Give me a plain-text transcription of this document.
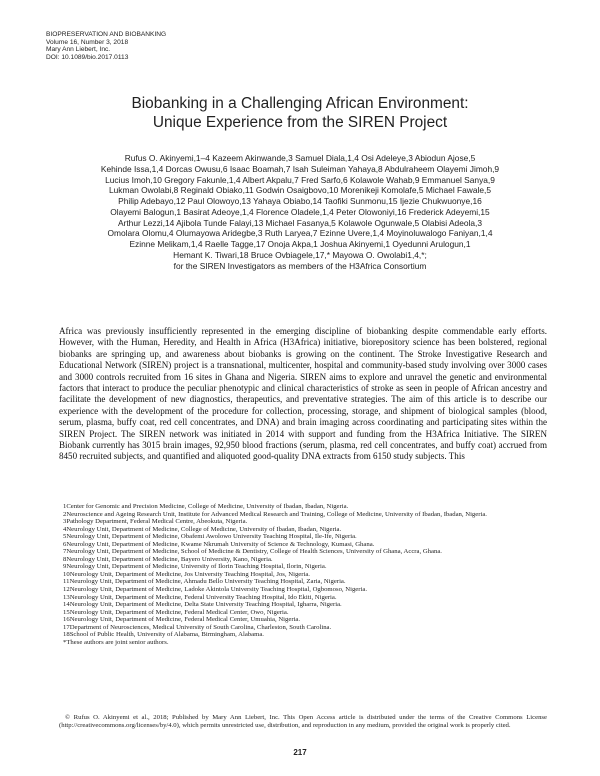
BIOPRESERVATION AND BIOBANKING
Volume 16, Number 3, 2018
Mary Ann Liebert, Inc.
DOI: 10.1089/bio.2017.0113
Biobanking in a Challenging African Environment:
Unique Experience from the SIREN Project
Rufus O. Akinyemi,1–4 Kazeem Akinwande,3 Samuel Diala,1,4 Osi Adeleye,3 Abiodun Ajose,5
Kehinde Issa,1,4 Dorcas Owusu,6 Isaac Boamah,7 Isah Suleiman Yahaya,8 Abdulraheem Olayemi Jimoh,9
Lucius Imoh,10 Gregory Fakunle,1,4 Albert Akpalu,7 Fred Sarfo,6 Kolawole Wahab,9 Emmanuel Sanya,9
Lukman Owolabi,8 Reginald Obiako,11 Godwin Osaigbovo,10 Morenikeji Komolafe,5 Michael Fawale,5
Philip Adebayo,12 Paul Olowoyo,13 Yahaya Obiabo,14 Taofiki Sunmonu,15 Ijezie Chukwuonye,16
Olayemi Balogun,1 Basirat Adeoye,1,4 Florence Oladele,1,4 Peter Olowoniyi,16 Frederick Adeyemi,15
Arthur Lezzi,14 Ajibola Tunde Falayi,13 Michael Fasanya,5 Kolawole Ogunwale,5 Olabisi Adeola,3
Omolara Olomu,4 Olumayowa Aridegbe,3 Ruth Laryea,7 Ezinne Uvere,1,4 Moyinoluwalogo Faniyan,1,4
Ezinne Melikam,1,4 Raelle Tagge,17 Onoja Akpa,1 Joshua Akinyemi,1 Oyedunni Arulogun,1
Hemant K. Tiwari,18 Bruce Ovbiagele,17,* Mayowa O. Owolabi1,4,*;
for the SIREN Investigators as members of the H3Africa Consortium

Africa was previously insufficiently represented in the emerging discipline of biobanking despite commendable early efforts. However, with the Human, Heredity, and Health in Africa (H3Africa) initiative, biorepository science has been bolstered, regional biobanks are springing up, and awareness about biobanks is growing on the continent. The Stroke Investigative Research and Educational Network (SIREN) project is a transnational, multicenter, hospital and community-based study involving over 3000 cases and 3000 controls recruited from 16 sites in Ghana and Nigeria. SIREN aims to explore and unravel the genetic and environmental factors that interact to produce the peculiar phenotypic and clinical characteristics of stroke as seen in people of African ancestry and facilitate the development of new diagnostics, therapeutics, and preventative strategies. The aim of this article is to describe our experience with the development of the procedure for collection, processing, storage, and shipment of biological samples (blood, serum, plasma, buffy coat, red cell concentrates, and DNA) and brain imaging across coordinating and participating sites within the SIREN Project. The SIREN network was initiated in 2014 with support and funding from the H3Africa Initiative. The SIREN Biobank currently has 3015 brain images, 92,950 blood fractions (serum, plasma, red cell concentrates, and buffy coat) accrued from 8450 recruited subjects, and quantified and aliquoted good-quality DNA extracts from 6150 study subjects. This

1Center for Genomic and Precision Medicine, College of Medicine, University of Ibadan, Ibadan, Nigeria.
2Neuroscience and Ageing Research Unit, Institute for Advanced Medical Research and Training, College of Medicine, University of Ibadan, Ibadan, Nigeria.
3Pathology Department, Federal Medical Centre, Abeokuta, Nigeria.
4Neurology Unit, Department of Medicine, College of Medicine, University of Ibadan, Ibadan, Nigeria.
5Neurology Unit, Department of Medicine, Obafemi Awolowo University Teaching Hospital, Ile-Ife, Nigeria.
6Neurology Unit, Department of Medicine, Kwame Nkrumah University of Science & Technology, Kumasi, Ghana.
7Neurology Unit, Department of Medicine, School of Medicine & Dentistry, College of Health Sciences, University of Ghana, Accra, Ghana.
8Neurology Unit, Department of Medicine, Bayero University, Kano, Nigeria.
9Neurology Unit, Department of Medicine, University of Ilorin Teaching Hospital, Ilorin, Nigeria.
10Neurology Unit, Department of Medicine, Jos University Teaching Hospital, Jos, Nigeria.
11Neurology Unit, Department of Medicine, Ahmadu Bello University Teaching Hospital, Zaria, Nigeria.
12Neurology Unit, Department of Medicine, Ladoke Akintola University Teaching Hospital, Ogbomoso, Nigeria.
13Neurology Unit, Department of Medicine, Federal University Teaching Hospital, Ido Ekiti, Nigeria.
14Neurology Unit, Department of Medicine, Delta State University Teaching Hospital, Igharra, Nigeria.
15Neurology Unit, Department of Medicine, Federal Medical Center, Owo, Nigeria.
16Neurology Unit, Department of Medicine, Federal Medical Center, Umuahia, Nigeria.
17Department of Neurosciences, Medical University of South Carolina, Charleston, South Carolina.
18School of Public Health, University of Alabama, Birmingham, Alabama.
*These authors are joint senior authors.

© Rufus O. Akinyemi et al., 2018; Published by Mary Ann Liebert, Inc. This Open Access article is distributed under the terms of the Creative Commons License (http://creativecommons.org/licenses/by/4.0), which permits unrestricted use, distribution, and reproduction in any medium, provided the original work is properly cited.

217
